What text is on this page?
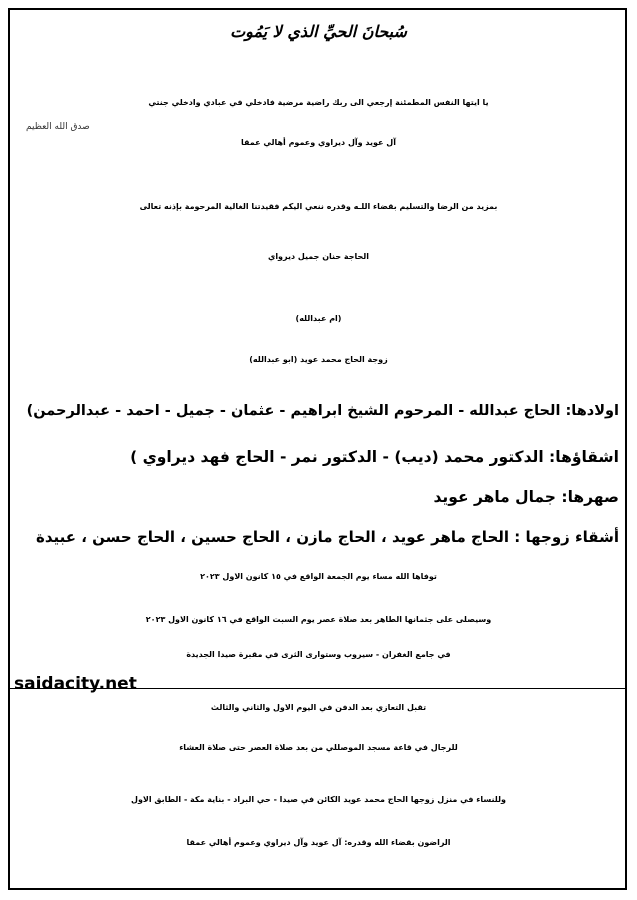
سُبحانَ الحيِّ الذي لا يَمُوت
يا ايتها النفس المطمئنة إرجعي الى ربك راضية مرضية فادخلي في عبادي وادخلي جنتي
صدق الله العظيم
آل عويد وآل ديراوي وعموم أهالي عمقا
بمزيد من الرضا والتسليم بقضاء اللـه وقدره ننعي اليكم فقيدتنا الغالية المرحومة بإذنه تعالى
الحاجة حنان جميل ديرواي
(ام عبدالله)
زوجة الحاج محمد عويد (ابو عبدالله)
اولادها: الحاج عبدالله - المرحوم الشيخ ابراهيم - عثمان - جميل - احمد - عبدالرحمن)
اشقاؤها: الدكتور محمد (ديب) - الدكتور نمر - الحاج فهد ديراوي )
صهرها: جمال ماهر عويد
أشقاء زوجها : الحاج ماهر عويد ، الحاج مازن ، الحاج حسين ، الحاج حسن ، عبيدة
توفاها الله مساء يوم الجمعة الواقع في ١٥ كانون الاول ٢٠٢٣
وسيصلى على جثمانها الطاهر بعد صلاة عصر يوم السبت الواقع في ١٦ كانون الاول ٢٠٢٣
في جامع الغفران - سيروب وستوارى الثرى في مقبرة صيدا الجديدة
saidacity.net
تقبل التعازي بعد الدفن في اليوم الاول والثاني والثالث
للرجال في قاعة مسجد الموصللي من بعد صلاة العصر حتى صلاة العشاء
وللنساء في منزل زوجها الحاج محمد عويد الكائن في صيدا - حي البراد - بناية مكة - الطابق الاول
الراضون بقضاء الله وقدره: آل عويد وآل ديراوي وعموم أهالي عمقا
